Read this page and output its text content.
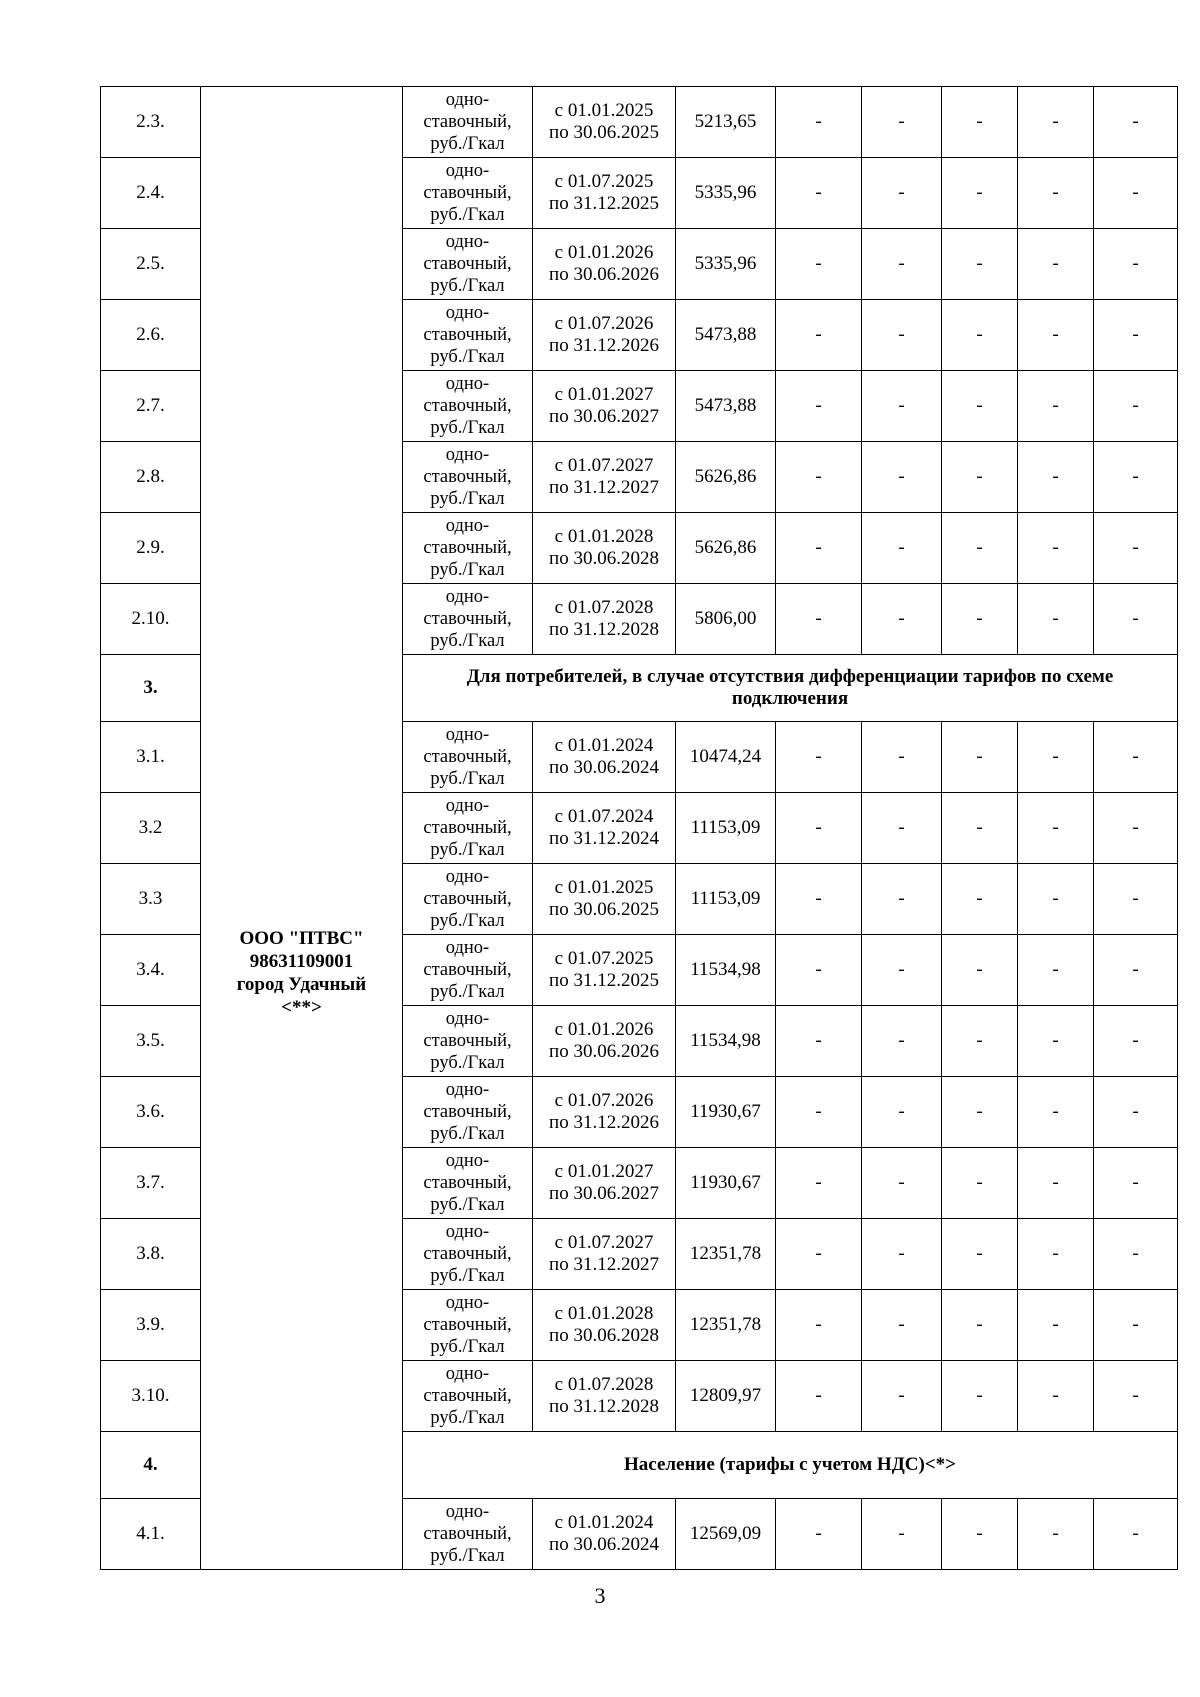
2.3.	ООО "ПТВС"
98631109001
город Удачный
<**>	одно-
ставочный,
руб./Гкал	с 01.01.2025
по 30.06.2025	5213,65	-	-	-	-	-
2.4.		одно-
ставочный,
руб./Гкал	с 01.07.2025
по 31.12.2025	5335,96	-	-	-	-	-
2.5.		одно-
ставочный,
руб./Гкал	с 01.01.2026
по 30.06.2026	5335,96	-	-	-	-	-
2.6.		одно-
ставочный,
руб./Гкал	с 01.07.2026
по 31.12.2026	5473,88	-	-	-	-	-
2.7.		одно-
ставочный,
руб./Гкал	с 01.01.2027
по 30.06.2027	5473,88	-	-	-	-	-
2.8.		одно-
ставочный,
руб./Гкал	с 01.07.2027
по 31.12.2027	5626,86	-	-	-	-	-
2.9.		одно-
ставочный,
руб./Гкал	с 01.01.2028
по 30.06.2028	5626,86	-	-	-	-	-
2.10.		одно-
ставочный,
руб./Гкал	с 01.07.2028
по 31.12.2028	5806,00	-	-	-	-	-
3.		Для потребителей, в случае отсутствия дифференциации тарифов по схеме подключения							
3.1.		одно-
ставочный,
руб./Гкал	с 01.01.2024
по 30.06.2024	10474,24	-	-	-	-	-
3.2		одно-
ставочный,
руб./Гкал	с 01.07.2024
по 31.12.2024	11153,09	-	-	-	-	-
3.3		одно-
ставочный,
руб./Гкал	с 01.01.2025
по 30.06.2025	11153,09	-	-	-	-	-
3.4.		одно-
ставочный,
руб./Гкал	с 01.07.2025
по 31.12.2025	11534,98	-	-	-	-	-
3.5.		одно-
ставочный,
руб./Гкал	с 01.01.2026
по 30.06.2026	11534,98	-	-	-	-	-
3.6.		одно-
ставочный,
руб./Гкал	с 01.07.2026
по 31.12.2026	11930,67	-	-	-	-	-
3.7.		одно-
ставочный,
руб./Гкал	с 01.01.2027
по 30.06.2027	11930,67	-	-	-	-	-
3.8.		одно-
ставочный,
руб./Гкал	с 01.07.2027
по 31.12.2027	12351,78	-	-	-	-	-
3.9.		одно-
ставочный,
руб./Гкал	с 01.01.2028
по 30.06.2028	12351,78	-	-	-	-	-
3.10.		одно-
ставочный,
руб./Гкал	с 01.07.2028
по 31.12.2028	12809,97	-	-	-	-	-
4.		Население (тарифы с учетом НДС)<*>							
4.1.		одно-
ставочный,
руб./Гкал	с 01.01.2024
по 30.06.2024	12569,09	-	-	-	-	-
3
